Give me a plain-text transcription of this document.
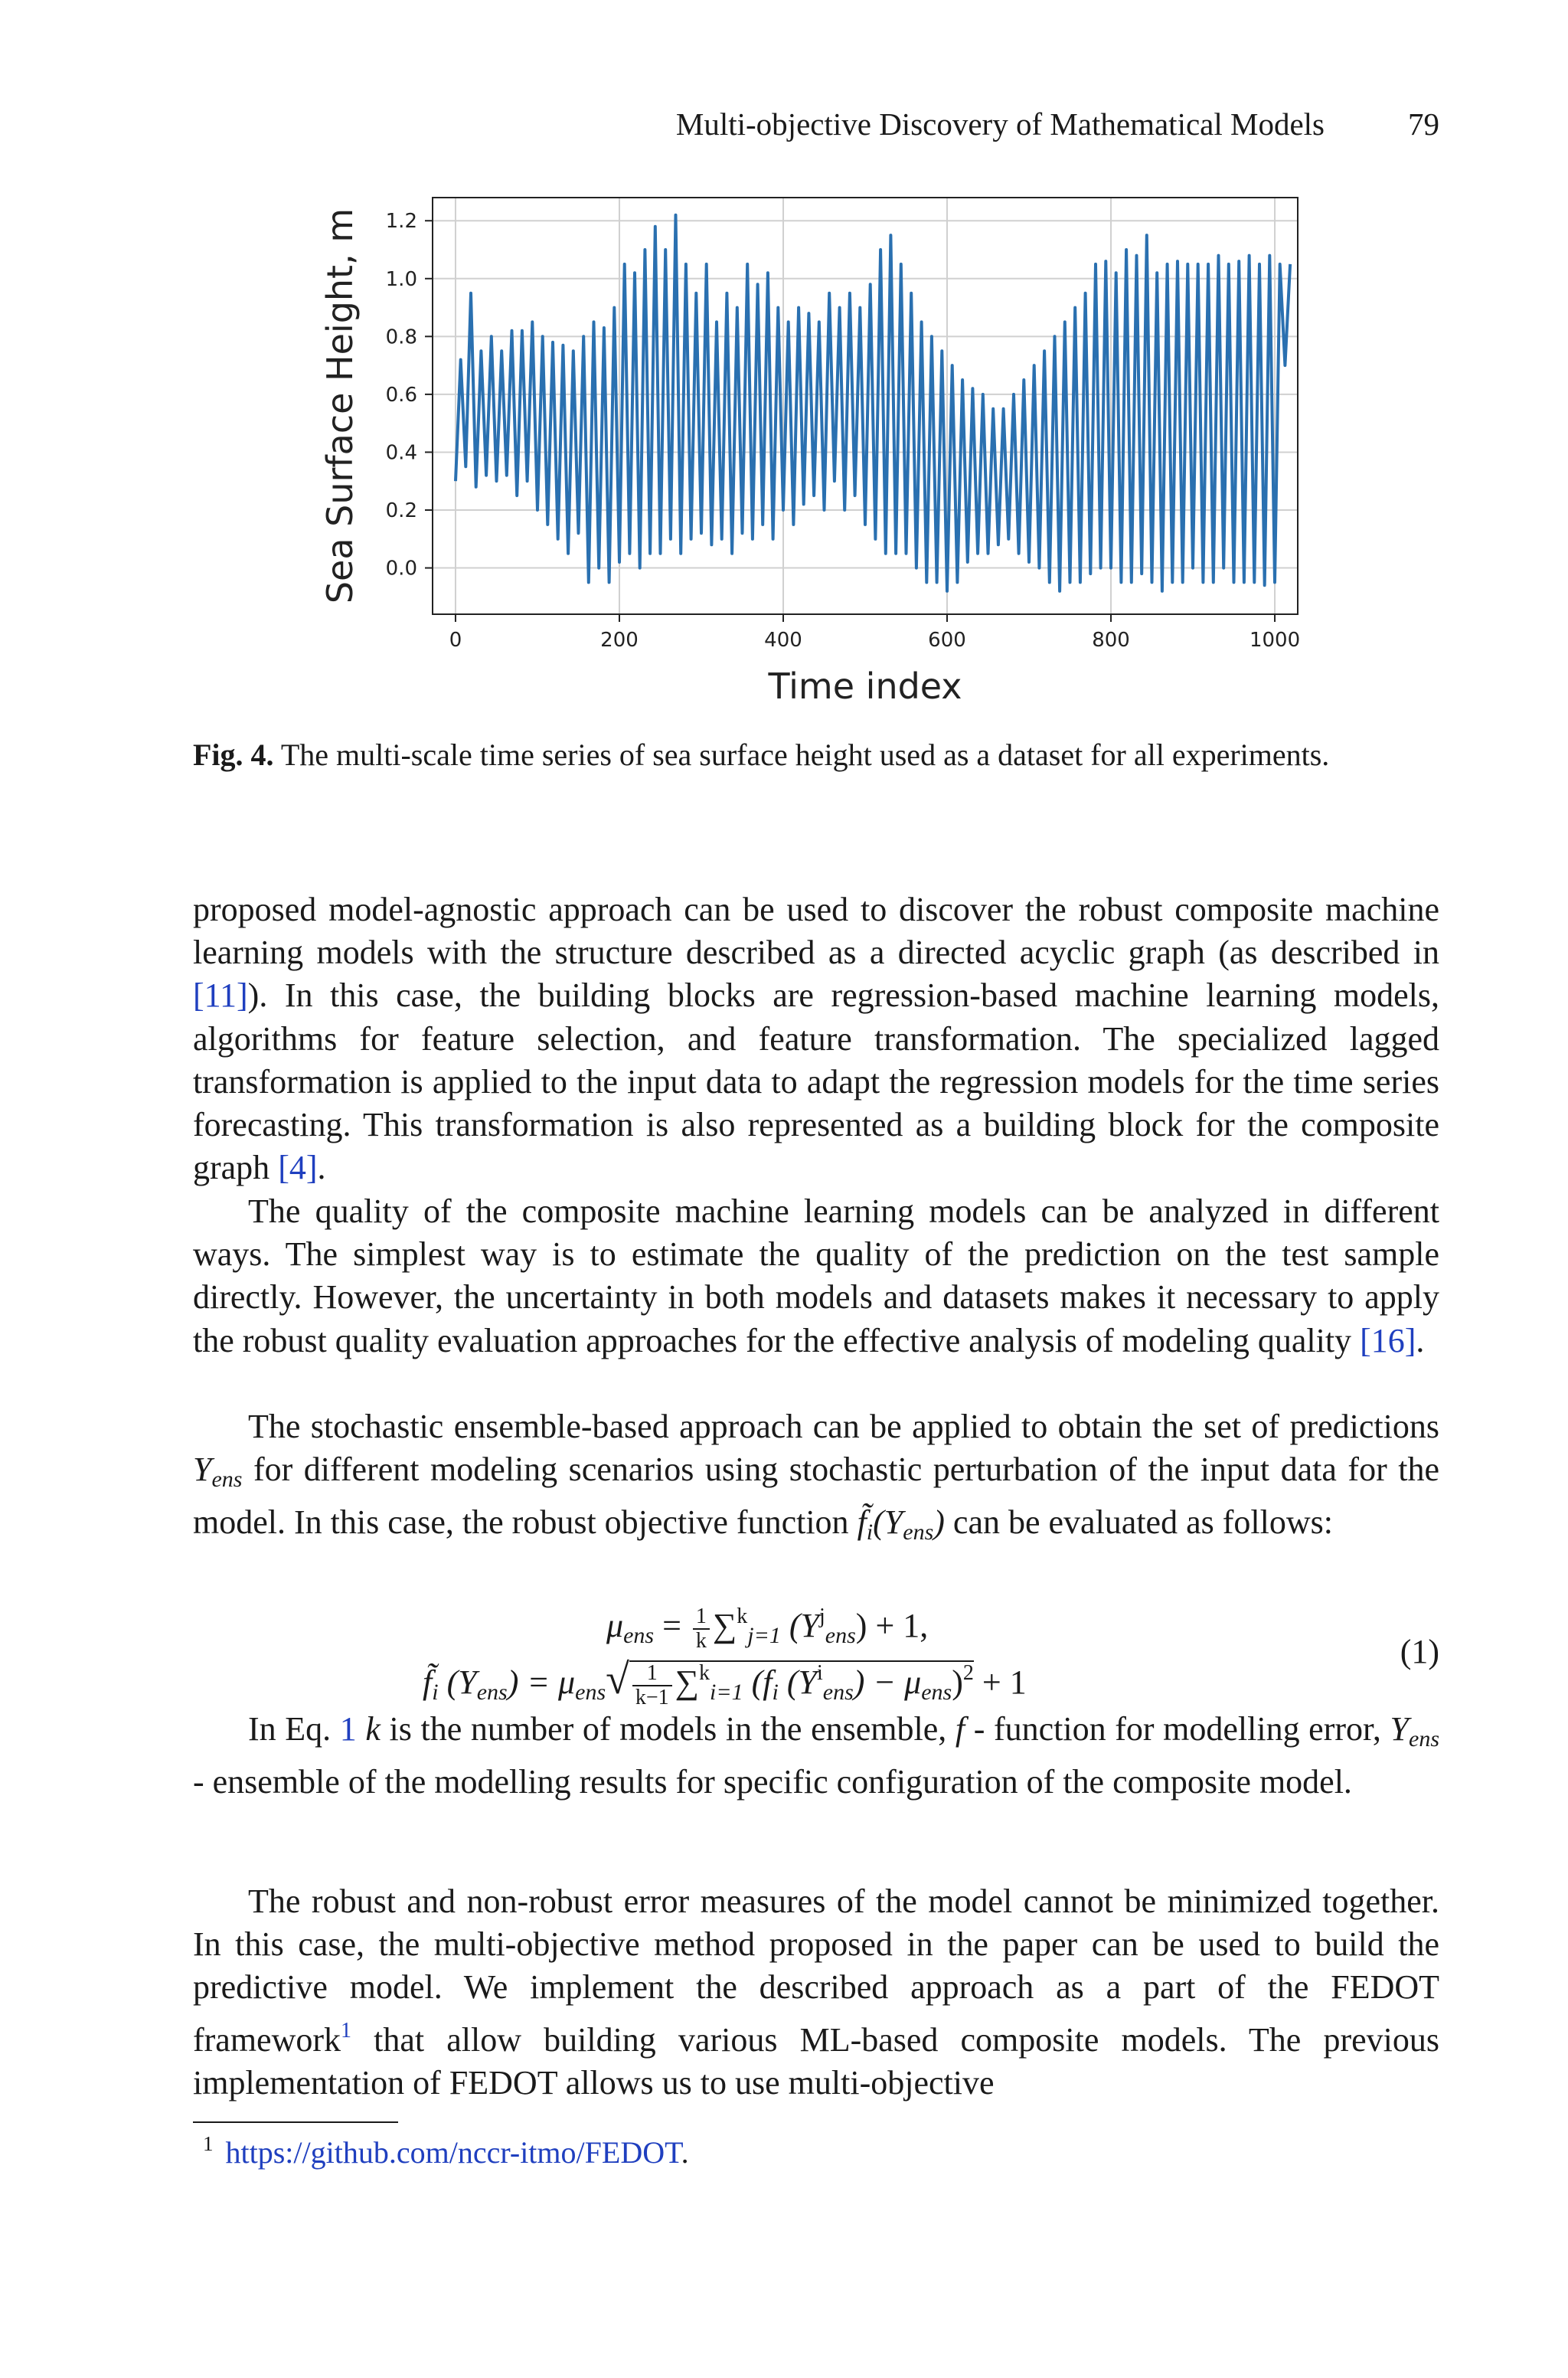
Multi-objective Discovery of Mathematical Models	79
0	200	400	600	800	1000
0.0
0.2
0.4
0.6
0.8
1.0
1.2
Time index
Sea Surface Height, m
Fig. 4. The multi-scale time series of sea surface height used as a dataset for all experiments.
proposed model-agnostic approach can be used to discover the robust composite machine learning models with the structure described as a directed acyclic graph (as described in [11]). In this case, the building blocks are regression-based machine learning models, algorithms for feature selection, and feature transformation. The specialized lagged transformation is applied to the input data to adapt the regression models for the time series forecasting. This transformation is also represented as a building block for the composite graph [4].
The quality of the composite machine learning models can be analyzed in different ways. The simplest way is to estimate the quality of the prediction on the test sample directly. However, the uncertainty in both models and datasets makes it necessary to apply the robust quality evaluation approaches for the effective analysis of modeling quality [16].
The stochastic ensemble-based approach can be applied to obtain the set of predictions $Y_{ens}$ for different modeling scenarios using stochastic perturbation of the input data for the model. In this case, the robust objective function $f̃_i(Y_{ens})$ can be evaluated as follows:
$\mu_{ens} = \frac{1}{k} \sum^k_{j=1}$ $(Y^j_{ens}) + 1$,
$f̃_i$ $(Y_{ens}) = \mu_{ens}√ \frac{1}{k-1} \sum^k_{i=1}$ ($f_i$ $(Y^i_{ens}) - \mu_{ens})^2 + 1$
(1)
In Eq. 1 k is the number of models in the ensemble, f - function for modelling error, $Y_{ens}$ - ensemble of the modelling results for specific configuration of the composite model.
The robust and non-robust error measures of the model cannot be minimized together. In this case, the multi-objective method proposed in the paper can be used to build the predictive model. We implement the described approach as a part of the FEDOT framework$^1$ that allow building various ML-based composite models. The previous implementation of FEDOT allows us to use multi-objective
$^1$ https://github.com/nccr-itmo/FEDOT.
